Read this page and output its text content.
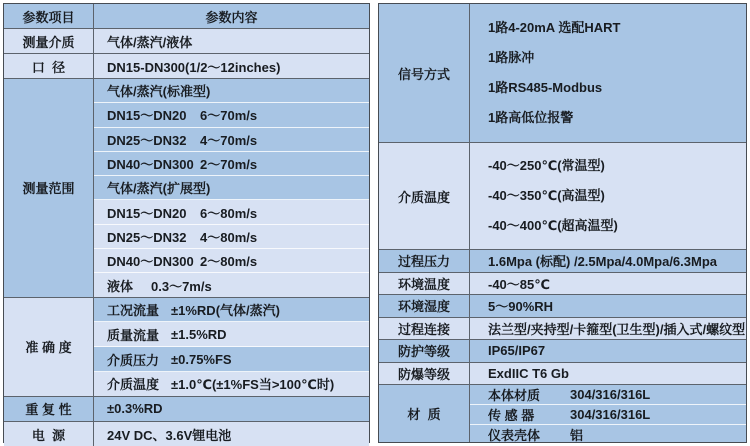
参数项目	参数内容
测量介质	气体/蒸汽/液体
口  径	DN15-DN300(1/2～12inches)
测量范围
气体/蒸汽(标准型)
DN15～DN20	6～70m/s
DN25～DN32	4～70m/s
DN40～DN300 2～70m/s
气体/蒸汽(扩展型)
DN15～DN20	6～80m/s
DN25～DN32	4～80m/s
DN40～DN300 2～80m/s
液体	0.3～7m/s
准 确 度
工况流量 ±1%RD(气体/蒸汽)
质量流量 ±1.5%RD
介质压力 ±0.75%FS
介质温度 ±1.0℃(±1%FS当>100℃时)
重 复 性	±0.3%RD
电  源	24V DC、3.6V锂电池
信号方式
1路4-20mA 选配HART
1路脉冲
1路RS485-Modbus
1路高低位报警
介质温度
-40～250℃(常温型)
-40～350℃(高温型)
-40～400℃(超高温型)
过程压力	1.6Mpa (标配) /2.5Mpa/4.0Mpa/6.3Mpa
环境温度	-40～85℃
环境湿度	5～90%RH
过程连接	法兰型/夹持型/卡箍型(卫生型)/插入式/螺纹型
防护等级	IP65/IP67
防爆等级	ExdIIC T6 Gb
材  质
本体材质	304/316/316L
传 感 器	304/316/316L
仪表壳体	铝
